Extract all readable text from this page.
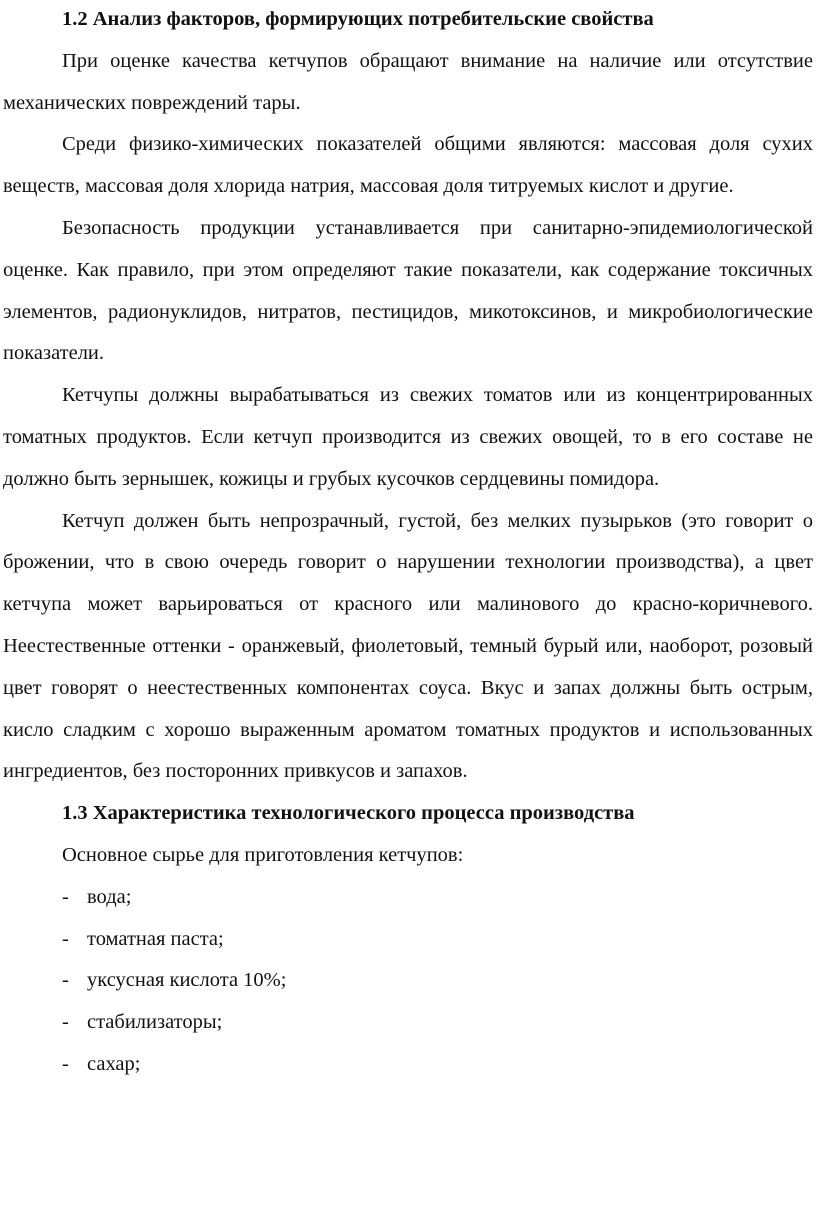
1.2 Анализ факторов, формирующих потребительские свойства

При оценке качества кетчупов обращают внимание на наличие или отсутствие механических повреждений тары.

Среди физико-химических показателей общими являются: массовая доля сухих веществ, массовая доля хлорида натрия, массовая доля титруемых кислот и другие.

Безопасность продукции устанавливается при санитарно-эпидемиологической оценке. Как правило, при этом определяют такие показатели, как содержание токсичных элементов, радионуклидов, нитратов, пестицидов, микотоксинов, и микробиологические показатели.

Кетчупы должны вырабатываться из свежих томатов или из концентрированных томатных продуктов. Если кетчуп производится из свежих овощей, то в его составе не должно быть зернышек, кожицы и грубых кусочков сердцевины помидора.

Кетчуп должен быть непрозрачный, густой, без мелких пузырьков (это говорит о брожении, что в свою очередь говорит о нарушении технологии производства), а цвет кетчупа может варьироваться от красного или малинового до красно-коричневого. Неестественные оттенки - оранжевый, фиолетовый, темный бурый или, наоборот, розовый цвет говорят о неестественных компонентах соуса. Вкус и запах должны быть острым, кисло сладким с хорошо выраженным ароматом томатных продуктов и использованных ингредиентов, без посторонних привкусов и запахов.

1.3 Характеристика технологического процесса производства

Основное сырье для приготовления кетчупов:

- вода;
- томатная паста;
- уксусная кислота 10%;
- стабилизаторы;
- сахар;
